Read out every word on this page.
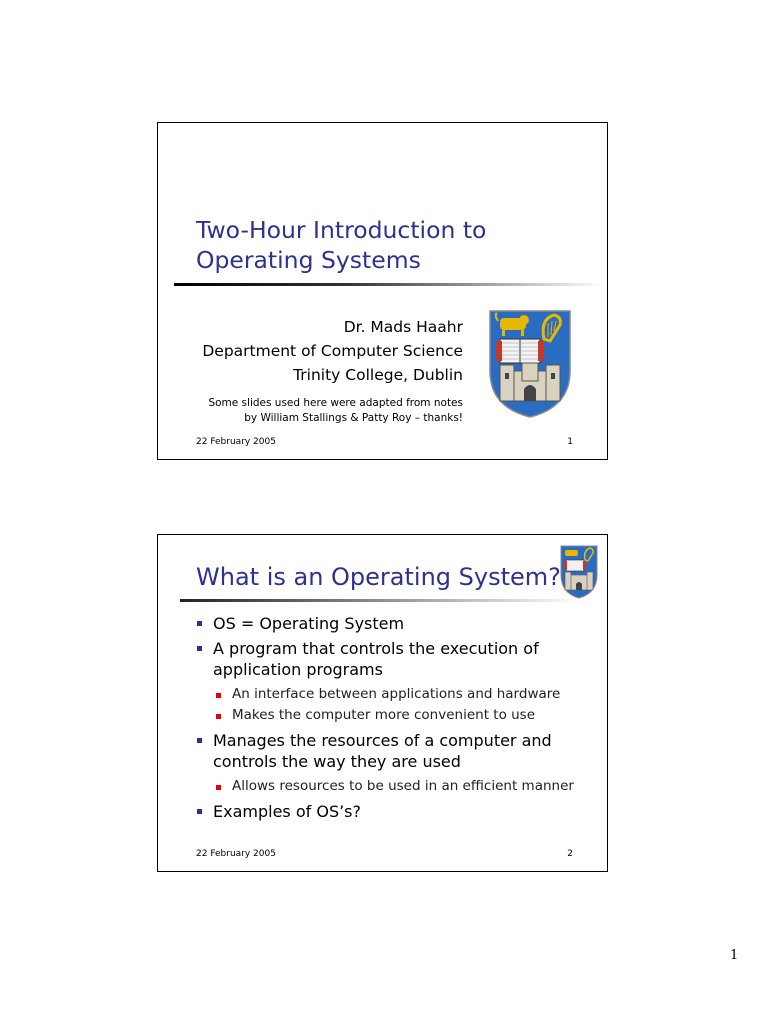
Two-Hour Introduction to
Operating Systems
Dr. Mads Haahr
Department of Computer Science
Trinity College, Dublin
Some slides used here were adapted from notes
by William Stallings & Patty Roy – thanks!
22 February 2005	1
What is an Operating System?
OS = Operating System
A program that controls the execution of application programs
An interface between applications and hardware
Makes the computer more convenient to use
Manages the resources of a computer and controls the way they are used
Allows resources to be used in an efficient manner
Examples of OS’s?
22 February 2005	2
1
